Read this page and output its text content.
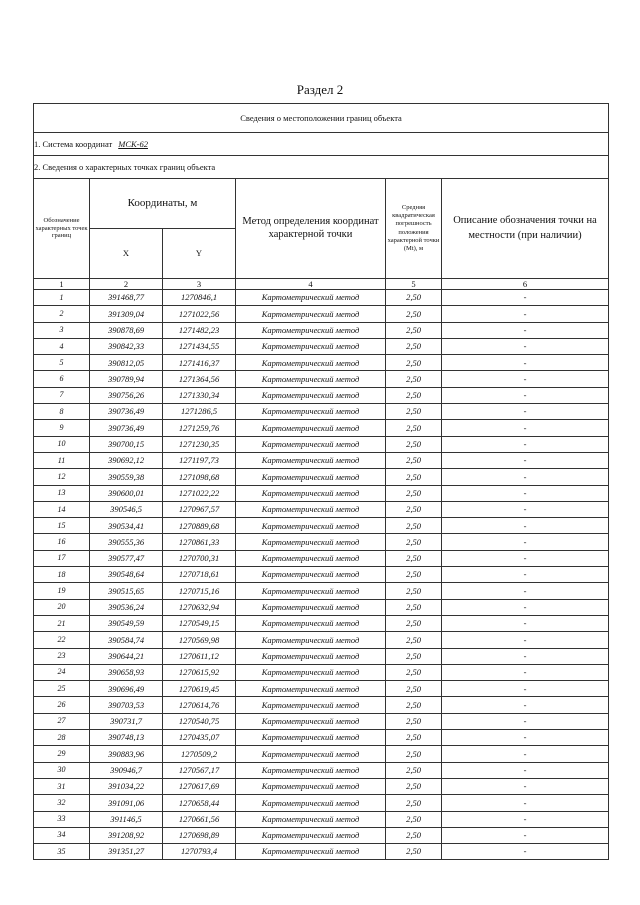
Раздел 2
Сведения о местоположении границ объекта					
1. Система координат МСК-62					
2. Сведения о характерных точках границ объекта					
Обозначение характерных точек границ	Координаты, м		Метод определения координат характерной точки	Средняя квадратическая погрешность положения характерной точки (Mt), м	Описание обозначения точки на местности (при наличии)
	X	Y			
1	2	3	4	5	6
1	391468,77	1270846,1	Картометрический метод	2,50	-
2	391309,04	1271022,56	Картометрический метод	2,50	-
3	390878,69	1271482,23	Картометрический метод	2,50	-
4	390842,33	1271434,55	Картометрический метод	2,50	-
5	390812,05	1271416,37	Картометрический метод	2,50	-
6	390789,94	1271364,56	Картометрический метод	2,50	-
7	390756,26	1271330,34	Картометрический метод	2,50	-
8	390736,49	1271286,5	Картометрический метод	2,50	-
9	390736,49	1271259,76	Картометрический метод	2,50	-
10	390700,15	1271230,35	Картометрический метод	2,50	-
11	390692,12	1271197,73	Картометрический метод	2,50	-
12	390559,38	1271098,68	Картометрический метод	2,50	-
13	390600,01	1271022,22	Картометрический метод	2,50	-
14	390546,5	1270967,57	Картометрический метод	2,50	-
15	390534,41	1270889,68	Картометрический метод	2,50	-
16	390555,36	1270861,33	Картометрический метод	2,50	-
17	390577,47	1270700,31	Картометрический метод	2,50	-
18	390548,64	1270718,61	Картометрический метод	2,50	-
19	390515,65	1270715,16	Картометрический метод	2,50	-
20	390536,24	1270632,94	Картометрический метод	2,50	-
21	390549,59	1270549,15	Картометрический метод	2,50	-
22	390584,74	1270569,98	Картометрический метод	2,50	-
23	390644,21	1270611,12	Картометрический метод	2,50	-
24	390658,93	1270615,92	Картометрический метод	2,50	-
25	390696,49	1270619,45	Картометрический метод	2,50	-
26	390703,53	1270614,76	Картометрический метод	2,50	-
27	390731,7	1270540,75	Картометрический метод	2,50	-
28	390748,13	1270435,07	Картометрический метод	2,50	-
29	390883,96	1270509,2	Картометрический метод	2,50	-
30	390946,7	1270567,17	Картометрический метод	2,50	-
31	391034,22	1270617,69	Картометрический метод	2,50	-
32	391091,06	1270658,44	Картометрический метод	2,50	-
33	391146,5	1270661,56	Картометрический метод	2,50	-
34	391208,92	1270698,89	Картометрический метод	2,50	-
35	391351,27	1270793,4	Картометрический метод	2,50	-
